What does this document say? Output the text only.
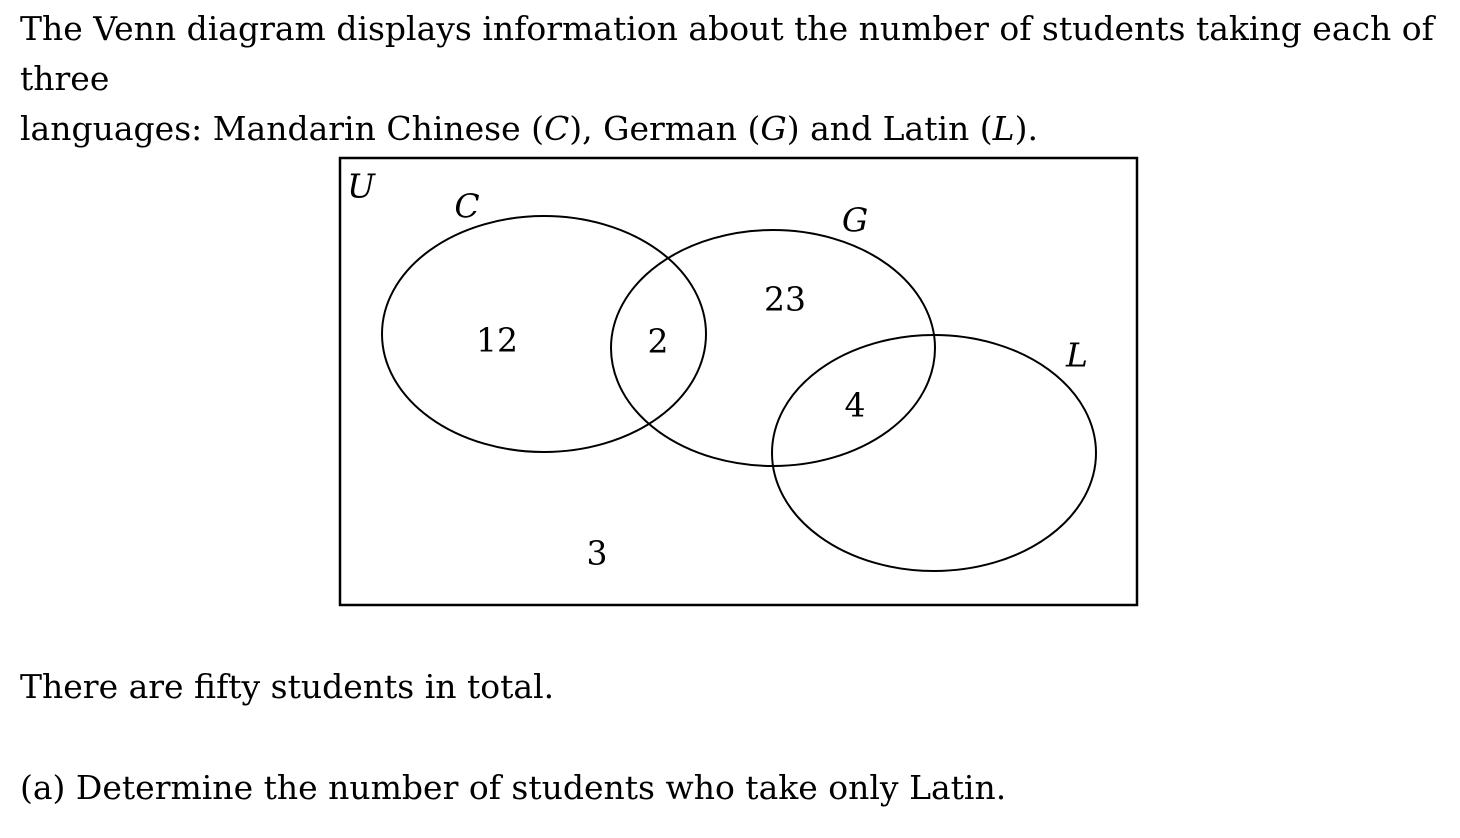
The Venn diagram displays information about the number of students taking each of three
languages: Mandarin Chinese (C), German (G) and Latin (L).

U
C	G
L
12	2
23
4
3

There are fifty students in total.

(a) Determine the number of students who take only Latin.
